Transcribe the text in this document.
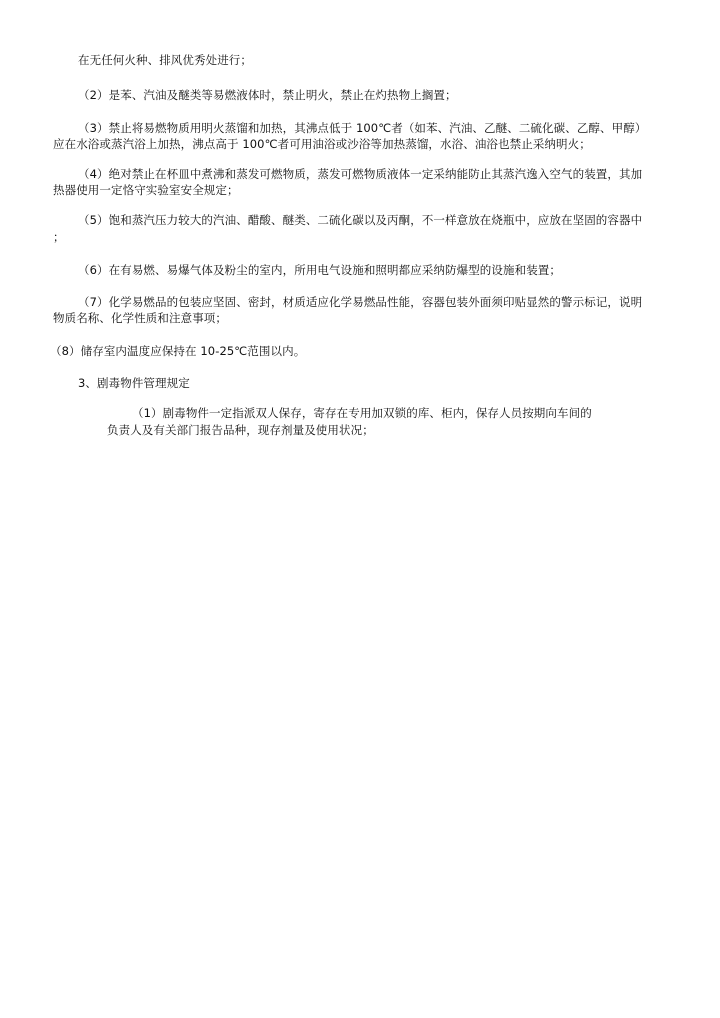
在无任何火种、排风优秀处进行；
（2）是苯、汽油及醚类等易燃液体时，禁止明火，禁止在灼热物上搁置；
（3）禁止将易燃物质用明火蒸馏和加热，其沸点低于 100℃者（如苯、汽油、乙醚、二硫化碳、乙醇、甲醇）
应在水浴或蒸汽浴上加热，沸点高于 100℃者可用油浴或沙浴等加热蒸馏，水浴、油浴也禁止采纳明火；
（4）绝对禁止在杯皿中煮沸和蒸发可燃物质，蒸发可燃物质液体一定采纳能防止其蒸汽逸入空气的装置，其加
热器使用一定恪守实验室安全规定；
（5）饱和蒸汽压力较大的汽油、醋酸、醚类、二硫化碳以及丙酮，不一样意放在烧瓶中，应放在坚固的容器中
；
（6）在有易燃、易爆气体及粉尘的室内，所用电气设施和照明都应采纳防爆型的设施和装置；
（7）化学易燃品的包装应坚固、密封，材质适应化学易燃品性能，容器包装外面须印贴显然的警示标记，说明
物质名称、化学性质和注意事项；
（8）储存室内温度应保持在 10-25℃范围以内。
3、剧毒物件管理规定
（1）剧毒物件一定指派双人保存，寄存在专用加双锁的库、柜内，保存人员按期向车间的
负责人及有关部门报告品种，现存剂量及使用状况；
